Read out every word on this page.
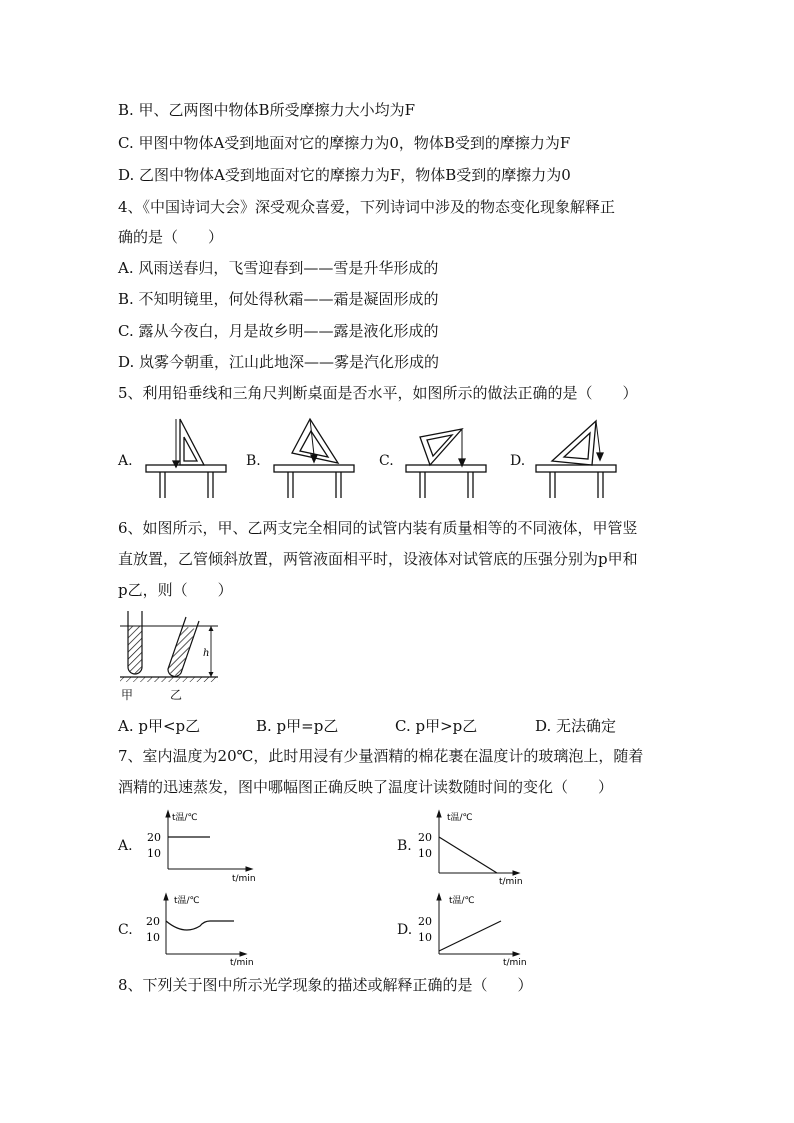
B. 甲、乙两图中物体B所受摩擦力大小均为F
C. 甲图中物体A受到地面对它的摩擦力为0，物体B受到的摩擦力为F
D. 乙图中物体A受到地面对它的摩擦力为F，物体B受到的摩擦力为0
4、《中国诗词大会》深受观众喜爱，下列诗词中涉及的物态变化现象解释正
确的是（　　）
A. 风雨送春归，飞雪迎春到——雪是升华形成的
B. 不知明镜里，何处得秋霜——霜是凝固形成的
C. 露从今夜白，月是故乡明——露是液化形成的
D. 岚雾今朝重，江山此地深——雾是汽化形成的
5、利用铅垂线和三角尺判断桌面是否水平，如图所示的做法正确的是（　　）
A.	B.	C.	D.
6、如图所示，甲、乙两支完全相同的试管内装有质量相等的不同液体，甲管竖
直放置，乙管倾斜放置，两管液面相平时，设液体对试管底的压强分别为p甲和
p乙，则（　　）
h
甲	乙
A. p甲<p乙	B. p甲=p乙	C. p甲>p乙	D. 无法确定
7、室内温度为20℃，此时用浸有少量酒精的棉花裹在温度计的玻璃泡上，随着
酒精的迅速蒸发，图中哪幅图正确反映了温度计读数随时间的变化（　　）
A.
t温/℃
20
10
t/min
B.
t温/℃
20
10
t/min
C.
t温/℃
20
10
t/min
D.
t温/℃
20
10
t/min
8、下列关于图中所示光学现象的描述或解释正确的是（　　）
